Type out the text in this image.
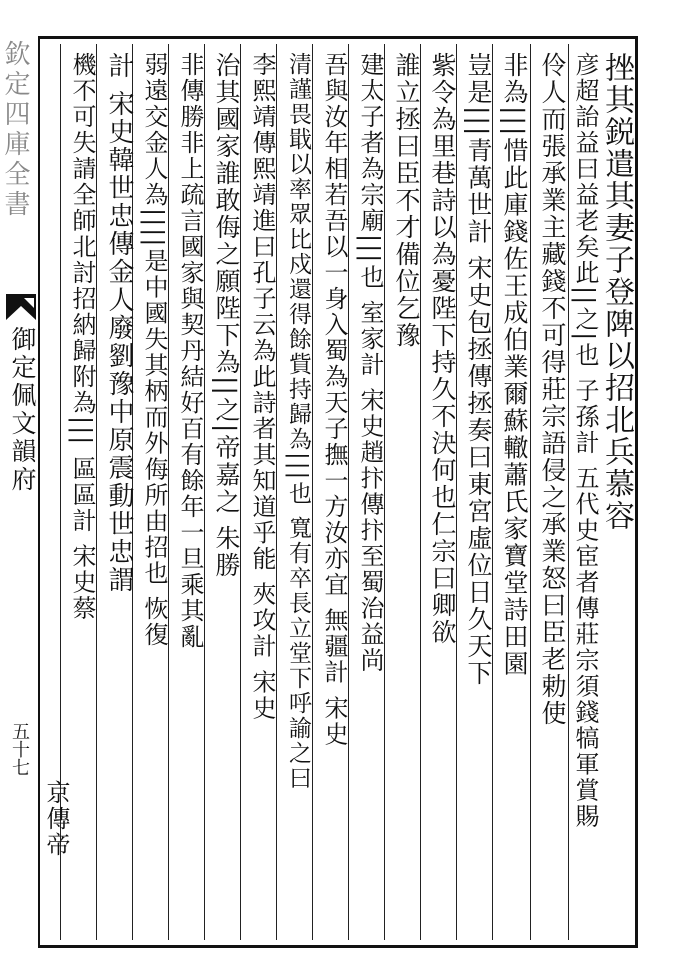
欽定四庫全書
御定佩文韻府
五十七
挫其鋭遣其妻子登陴以招北兵慕容
彦超詒益曰益老矣此||之|也 子孫計 五代史宦者傳莊宗須錢犒軍賞賜
伶人而張承業主藏錢不可得莊宗語侵之承業怒曰臣老勅使
非為|||惜此庫錢佐王成伯業爾蘇轍蕭氏家寶堂詩田園
豈是|||青萬世計 宋史包拯傳拯奏曰東宮虛位日久天下
紫令為里巷詩以為憂陛下持久不決何也仁宗曰卿欲
誰立拯曰臣不才備位乞豫
建太子者為宗廟|||也 室家計 宋史趙抃傳抃至蜀治益尚
吾與汝年相若吾以一身入蜀為天子撫一方汝亦宜 無疆計 宋史
清謹畏戢以率眾比戍還得餘貲持歸為|||也 寬有卒長立堂下呼諭之曰
李熙靖傳熙靖進曰孔子云為此詩者其知道乎能 夾攻計 宋史
治其國家誰敢侮之願陛下為||之|帝嘉之 朱勝
非傳勝非上疏言國家與契丹結好百有餘年一旦乘其亂
弱遠交金人為||||是中國失其柄而外侮所由招也 恢復
計 宋史韓世忠傳金人廢劉豫中原震動世忠謂
機不可失請全師北討招納歸附為||| 區區計 宋史蔡
京傳帝
